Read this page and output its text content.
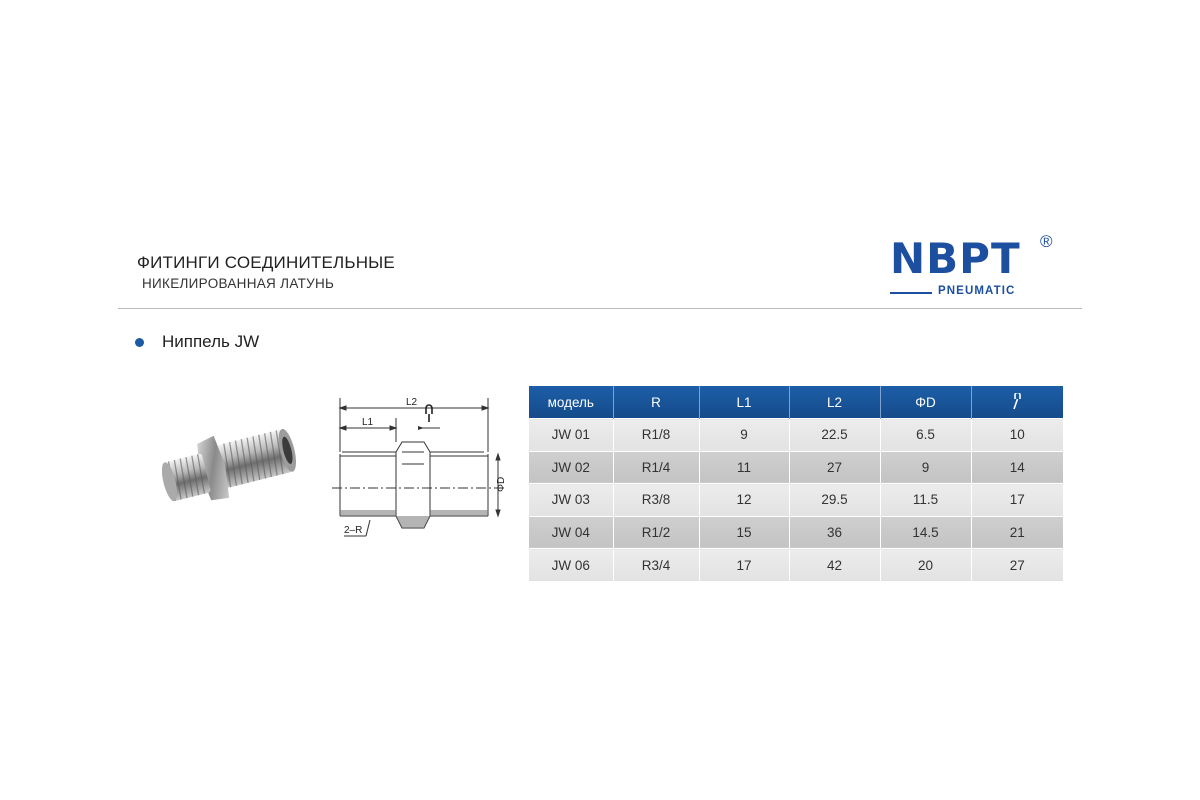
ФИТИНГИ СОЕДИНИТЕЛЬНЫЕ
НИКЕЛИРОВАННАЯ ЛАТУНЬ
NBPT ®
PNEUMATIC
Ниппель JW
L2
L1
ΦD
2–R
модель	R	L1	L2	ΦD	
JW 01	R1/8	9	22.5	6.5	10
JW 02	R1/4	11	27	9	14
JW 03	R3/8	12	29.5	11.5	17
JW 04	R1/2	15	36	14.5	21
JW 06	R3/4	17	42	20	27
